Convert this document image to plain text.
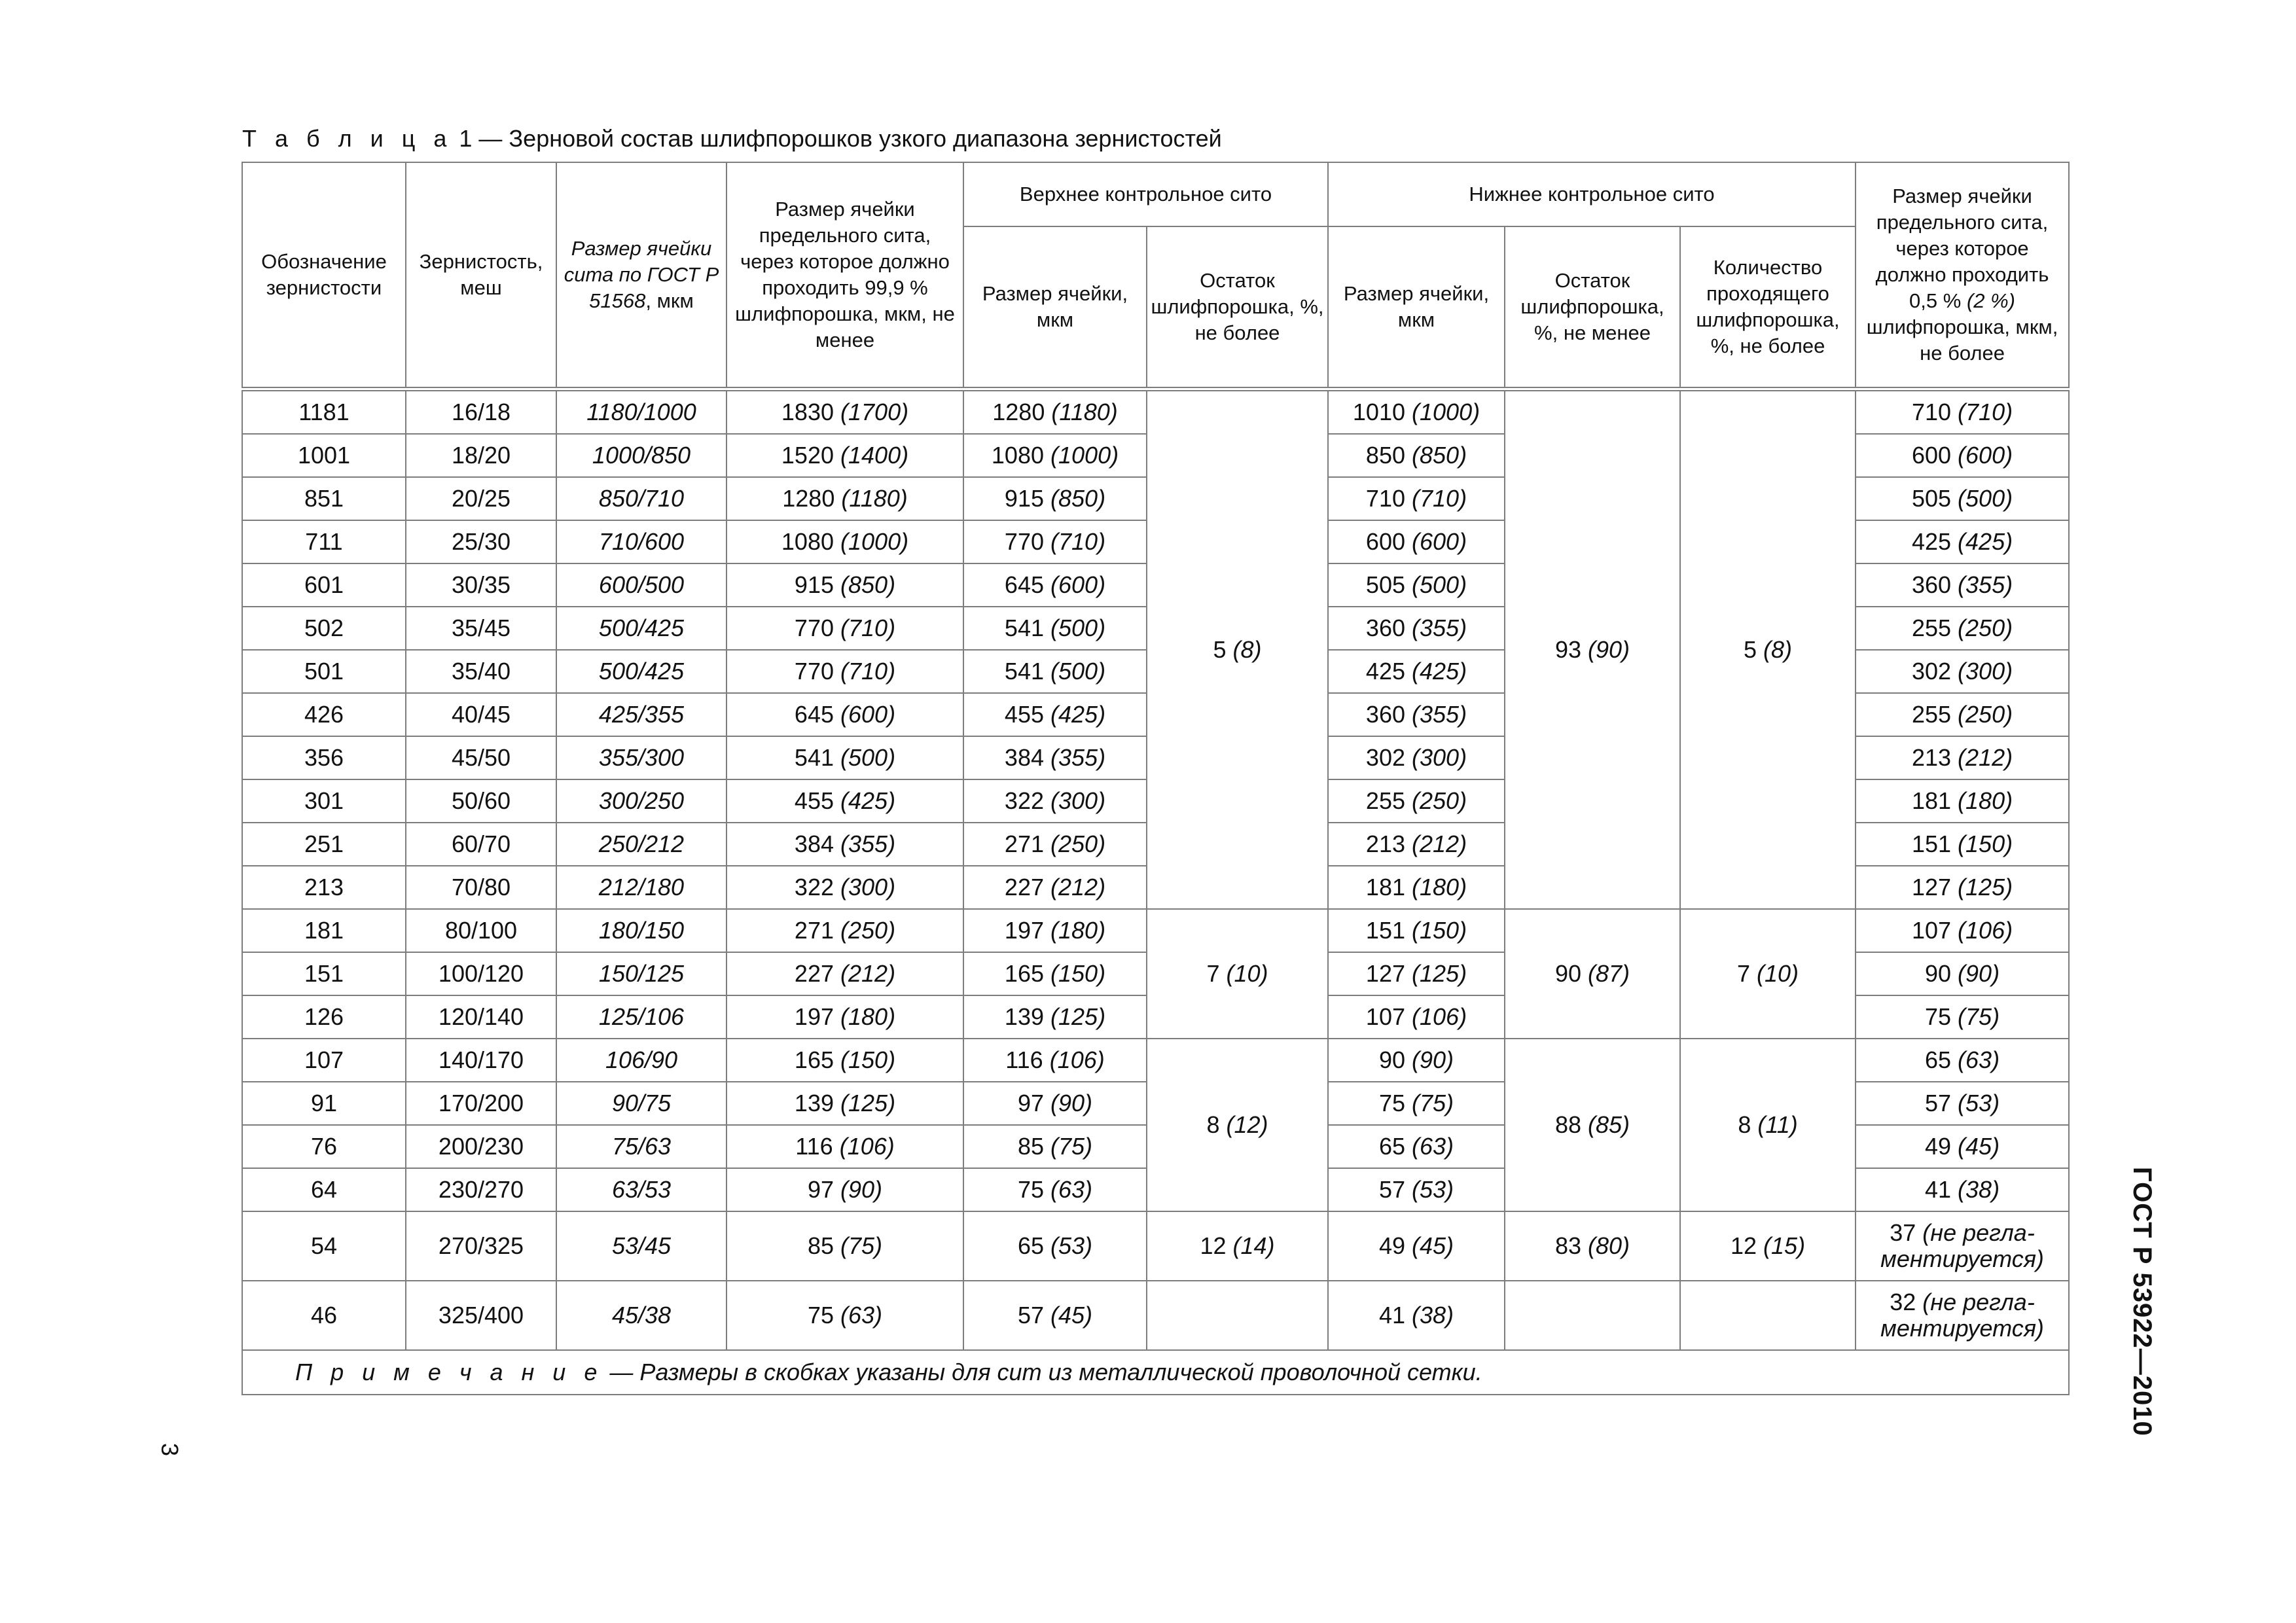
Т а б л и ц а 1 — Зерновой состав шлифпорошков узкого диапазона зернистостей
Обозначение зернистости	Зернистость, меш	Размер ячейки сита по ГОСТ Р 51568, мкм	Размер ячейки предельного сита, через которое должно проходить 99,9 % шлифпорошка, мкм, не менее	Верхнее контрольное сито		Нижнее контрольное сито			Размер ячейки предельного сита, через которое должно проходить 0,5 % (2 %) шлифпорошка, мкм, не более
				Размер ячейки, мкм	Остаток шлифпорошка, %, не более	Размер ячейки, мкм	Остаток шлифпорошка, %, не менее	Количество проходящего шлифпорошка, %, не более	
1181	16/18	1180/1000	1830 (1700)	1280 (1180)	5 (8)	1010 (1000)	93 (90)	5 (8)	710 (710)
1001	18/20	1000/850	1520 (1400)	1080 (1000)		850 (850)			600 (600)
851	20/25	850/710	1280 (1180)	915 (850)		710 (710)			505 (500)
711	25/30	710/600	1080 (1000)	770 (710)		600 (600)			425 (425)
601	30/35	600/500	915 (850)	645 (600)		505 (500)			360 (355)
502	35/45	500/425	770 (710)	541 (500)		360 (355)			255 (250)
501	35/40	500/425	770 (710)	541 (500)		425 (425)			302 (300)
426	40/45	425/355	645 (600)	455 (425)		360 (355)			255 (250)
356	45/50	355/300	541 (500)	384 (355)		302 (300)			213 (212)
301	50/60	300/250	455 (425)	322 (300)		255 (250)			181 (180)
251	60/70	250/212	384 (355)	271 (250)		213 (212)			151 (150)
213	70/80	212/180	322 (300)	227 (212)		181 (180)			127 (125)
181	80/100	180/150	271 (250)	197 (180)	7 (10)	151 (150)	90 (87)	7 (10)	107 (106)
151	100/120	150/125	227 (212)	165 (150)		127 (125)			90 (90)
126	120/140	125/106	197 (180)	139 (125)		107 (106)			75 (75)
107	140/170	106/90	165 (150)	116 (106)	8 (12)	90 (90)	88 (85)	8 (11)	65 (63)
91	170/200	90/75	139 (125)	97 (90)		75 (75)			57 (53)
76	200/230	75/63	116 (106)	85 (75)		65 (63)			49 (45)
64	230/270	63/53	97 (90)	75 (63)		57 (53)			41 (38)
54	270/325	53/45	85 (75)	65 (53)	12 (14)	49 (45)	83 (80)	12 (15)	37 (не регламентируется)
46	325/400	45/38	75 (63)	57 (45)		41 (38)			32 (не регламентируется)
П р и м е ч а н и е — Размеры в скобках указаны для сит из металлической проволочной сетки.										ГОСТ Р 53922—2010
3
